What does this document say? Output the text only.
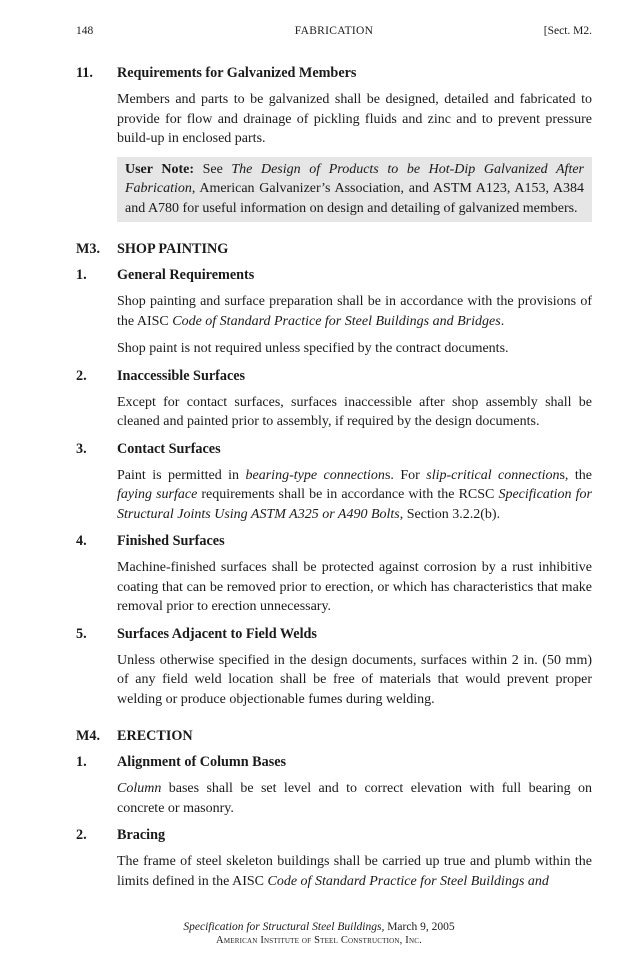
148	FABRICATION	[Sect. M2.
11. Requirements for Galvanized Members

Members and parts to be galvanized shall be designed, detailed and fabricated to provide for flow and drainage of pickling fluids and zinc and to prevent pressure build-up in enclosed parts.

User Note: See The Design of Products to be Hot-Dip Galvanized After Fabrication, American Galvanizer’s Association, and ASTM A123, A153, A384 and A780 for useful information on design and detailing of galvanized members.
M3. SHOP PAINTING
1. General Requirements

Shop painting and surface preparation shall be in accordance with the provisions of the AISC Code of Standard Practice for Steel Buildings and Bridges.

Shop paint is not required unless specified by the contract documents.

2. Inaccessible Surfaces

Except for contact surfaces, surfaces inaccessible after shop assembly shall be cleaned and painted prior to assembly, if required by the design documents.

3. Contact Surfaces

Paint is permitted in bearing-type connections. For slip-critical connections, the faying surface requirements shall be in accordance with the RCSC Specification for Structural Joints Using ASTM A325 or A490 Bolts, Section 3.2.2(b).

4. Finished Surfaces

Machine-finished surfaces shall be protected against corrosion by a rust inhibitive coating that can be removed prior to erection, or which has characteristics that make removal prior to erection unnecessary.

5. Surfaces Adjacent to Field Welds

Unless otherwise specified in the design documents, surfaces within 2 in. (50 mm) of any field weld location shall be free of materials that would prevent proper welding or produce objectionable fumes during welding.

M4. ERECTION
1. Alignment of Column Bases

Column bases shall be set level and to correct elevation with full bearing on concrete or masonry.

2. Bracing

The frame of steel skeleton buildings shall be carried up true and plumb within the limits defined in the AISC Code of Standard Practice for Steel Buildings and

Specification for Structural Steel Buildings, March 9, 2005
American Institute of Steel Construction, Inc.
